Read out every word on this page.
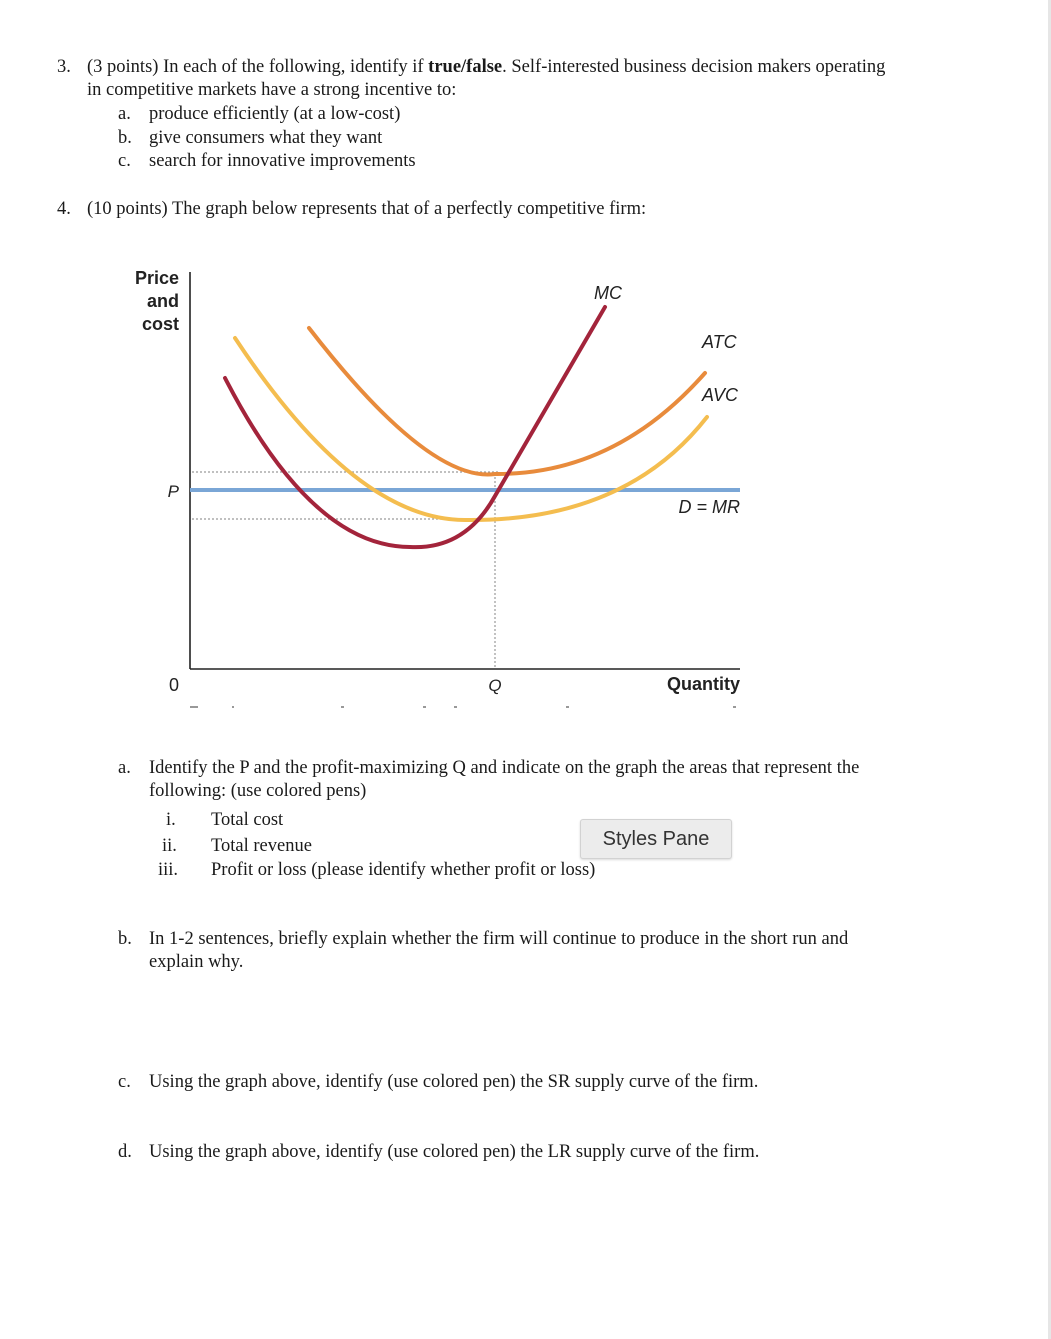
3. (3 points) In each of the following, identify if true/false. Self-interested business decision makers operating
in competitive markets have a strong incentive to:
a. produce efficiently (at a low-cost)
b. give consumers what they want
c. search for innovative improvements
4. (10 points) The graph below represents that of a perfectly competitive firm:
Price
and
cost
P
0	Q	Quantity
MC
ATC
AVC
D = MR
a. Identify the P and the profit-maximizing Q and indicate on the graph the areas that represent the
following: (use colored pens)
i. Total cost
ii. Total revenue
iii. Profit or loss (please identify whether profit or loss)
Styles Pane
b. In 1-2 sentences, briefly explain whether the firm will continue to produce in the short run and
explain why.
c. Using the graph above, identify (use colored pen) the SR supply curve of the firm.
d. Using the graph above, identify (use colored pen) the LR supply curve of the firm.
